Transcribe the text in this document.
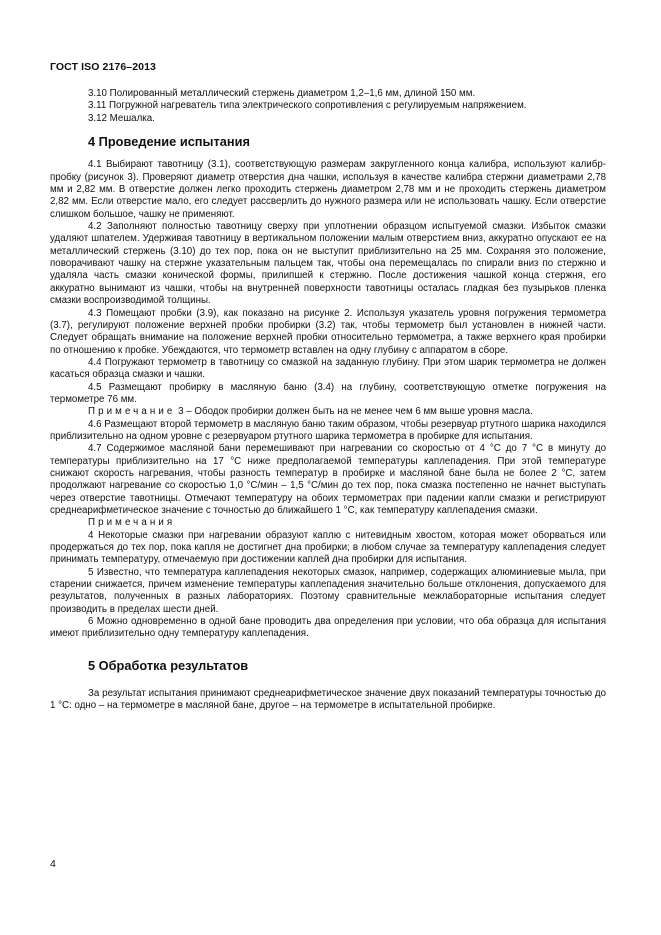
ГОСТ ISO 2176–2013

3.10 Полированный металлический стержень диаметром 1,2–1,6 мм, длиной 150 мм.

3.11 Погружной нагреватель типа электрического сопротивления с регулируемым напряжением.

3.12 Мешалка.

4 Проведение испытания

4.1 Выбирают тавотницу (3.1), соответствующую размерам закругленного конца калибра, используют калибр-пробку (рисунок 3). Проверяют диаметр отверстия дна чашки, используя в качестве калибра стержни диаметрами 2,78 мм и 2,82 мм. В отверстие должен легко проходить стержень диаметром 2,78 мм и не проходить стержень диаметром 2,82 мм. Если отверстие мало, его следует рассверлить до нужного размера или не использовать чашку. Если отверстие слишком большое, чашку не применяют.

4.2 Заполняют полностью тавотницу сверху при уплотнении образцом испытуемой смазки. Избыток смазки удаляют шпателем. Удерживая тавотницу в вертикальном положении малым отверстием вниз, аккуратно опускают ее на металлический стержень (3.10) до тех пор, пока он не выступит приблизительно на 25 мм. Сохраняя это положение, поворачивают чашку на стержне указательным пальцем так, чтобы она перемещалась по спирали вниз по стержню и удаляла часть смазки конической формы, прилипшей к стержню. После достижения чашкой конца стержня, его аккуратно вынимают из чашки, чтобы на внутренней поверхности тавотницы осталась гладкая без пузырьков пленка смазки воспроизводимой толщины.

4.3 Помещают пробки (3.9), как показано на рисунке 2. Используя указатель уровня погружения термометра (3.7), регулируют положение верхней пробки пробирки (3.2) так, чтобы термометр был установлен в нижней части. Следует обращать внимание на положение верхней пробки относительно термометра, а также верхнего края пробирки по отношению к пробке. Убеждаются, что термометр вставлен на одну глубину с аппаратом в сборе.

4.4 Погружают термометр в тавотницу со смазкой на заданную глубину. При этом шарик термометра не должен касаться образца смазки и чашки.

4.5 Размещают пробирку в масляную баню (3.4) на глубину, соответствующую отметке погружения на термометре 76 мм.

Примечание 3 – Ободок пробирки должен быть на не менее чем 6 мм выше уровня масла.

4.6 Размещают второй термометр в масляную баню таким образом, чтобы резервуар ртутного шарика находился приблизительно на одном уровне с резервуаром ртутного шарика термометра в пробирке для испытания.

4.7 Содержимое масляной бани перемешивают при нагревании со скоростью от 4 °С до 7 °С в минуту до температуры приблизительно на 17 °С ниже предполагаемой температуры каплепадения. При этой температуре снижают скорость нагревания, чтобы разность температур в пробирке и масляной бане была не более 2 °С, затем продолжают нагревание со скоростью 1,0 °С/мин – 1,5 °С/мин до тех пор, пока смазка постепенно не начнет выступать через отверстие тавотницы. Отмечают температуру на обоих термометрах при падении капли смазки и регистрируют среднеарифметическое значение с точностью до ближайшего 1 °С, как температуру каплепадения смазки.

Примечания

4 Некоторые смазки при нагревании образуют каплю с нитевидным хвостом, которая может оборваться или продержаться до тех пор, пока капля не достигнет дна пробирки; в любом случае за температуру каплепадения следует принимать температуру, отмечаемую при достижении каплей дна пробирки для испытания.

5 Известно, что температура каплепадения некоторых смазок, например, содержащих алюминиевые мыла, при старении снижается, причем изменение температуры каплепадения значительно больше отклонения, допускаемого для результатов, полученных в разных лабораториях. Поэтому сравнительные межлабораторные испытания следует производить в пределах шести дней.

6 Можно одновременно в одной бане проводить два определения при условии, что оба образца для испытания имеют приблизительно одну температуру каплепадения.

5 Обработка результатов

За результат испытания принимают среднеарифметическое значение двух показаний температуры точностью до 1 °С: одно – на термометре в масляной бане, другое – на термометре в испытательной пробирке.

4
